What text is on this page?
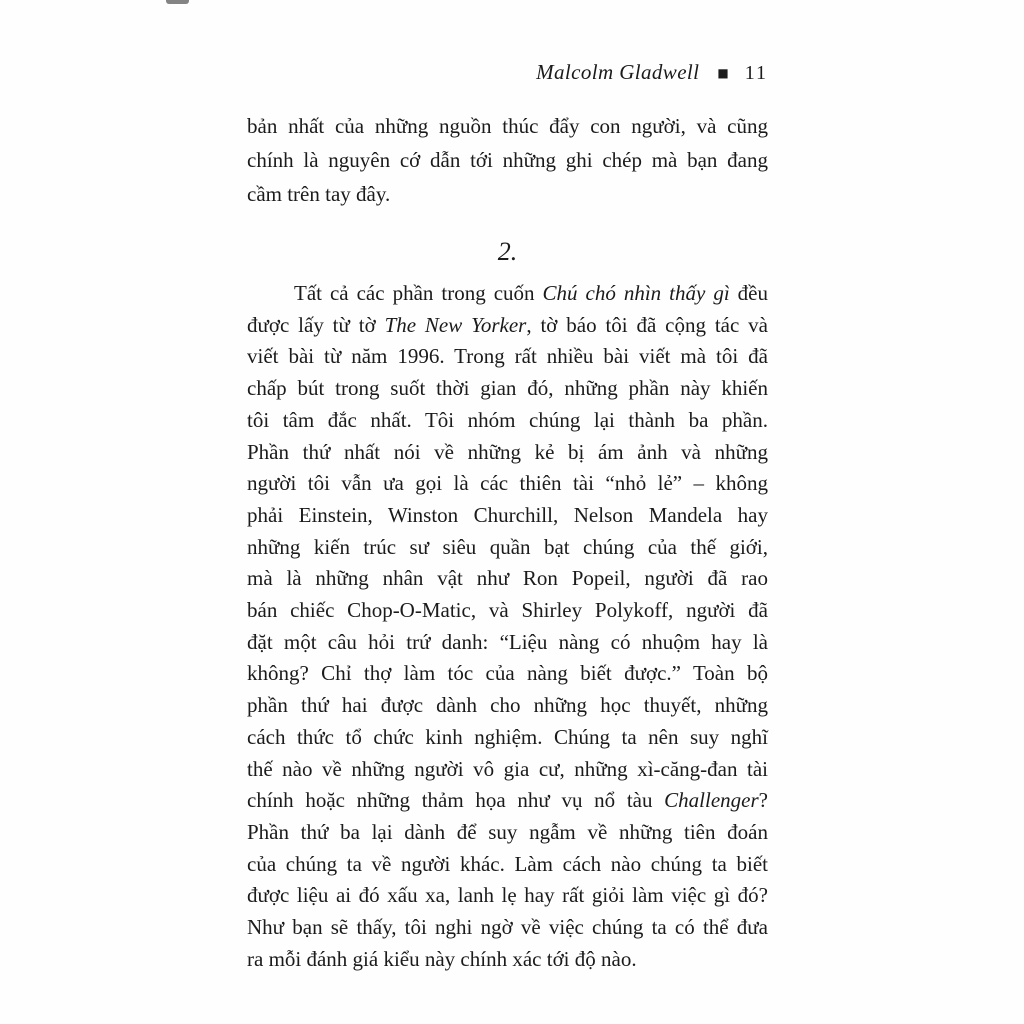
Malcolm Gladwell ■ 11
bản nhất của những nguồn thúc đẩy con người, và cũng
chính là nguyên cớ dẫn tới những ghi chép mà bạn đang
cầm trên tay đây.
2.
Tất cả các phần trong cuốn Chú chó nhìn thấy gì đều
được lấy từ tờ The New Yorker, tờ báo tôi đã cộng tác và
viết bài từ năm 1996. Trong rất nhiều bài viết mà tôi đã
chấp bút trong suốt thời gian đó, những phần này khiến
tôi tâm đắc nhất. Tôi nhóm chúng lại thành ba phần.
Phần thứ nhất nói về những kẻ bị ám ảnh và những
người tôi vẫn ưa gọi là các thiên tài “nhỏ lẻ” – không
phải Einstein, Winston Churchill, Nelson Mandela hay
những kiến trúc sư siêu quần bạt chúng của thế giới,
mà là những nhân vật như Ron Popeil, người đã rao
bán chiếc Chop-O-Matic, và Shirley Polykoff, người đã
đặt một câu hỏi trứ danh: “Liệu nàng có nhuộm hay là
không? Chỉ thợ làm tóc của nàng biết được.” Toàn bộ
phần thứ hai được dành cho những học thuyết, những
cách thức tổ chức kinh nghiệm. Chúng ta nên suy nghĩ
thế nào về những người vô gia cư, những xì-căng-đan tài
chính hoặc những thảm họa như vụ nổ tàu Challenger?
Phần thứ ba lại dành để suy ngẫm về những tiên đoán
của chúng ta về người khác. Làm cách nào chúng ta biết
được liệu ai đó xấu xa, lanh lẹ hay rất giỏi làm việc gì đó?
Như bạn sẽ thấy, tôi nghi ngờ về việc chúng ta có thể đưa
ra mỗi đánh giá kiểu này chính xác tới độ nào.
